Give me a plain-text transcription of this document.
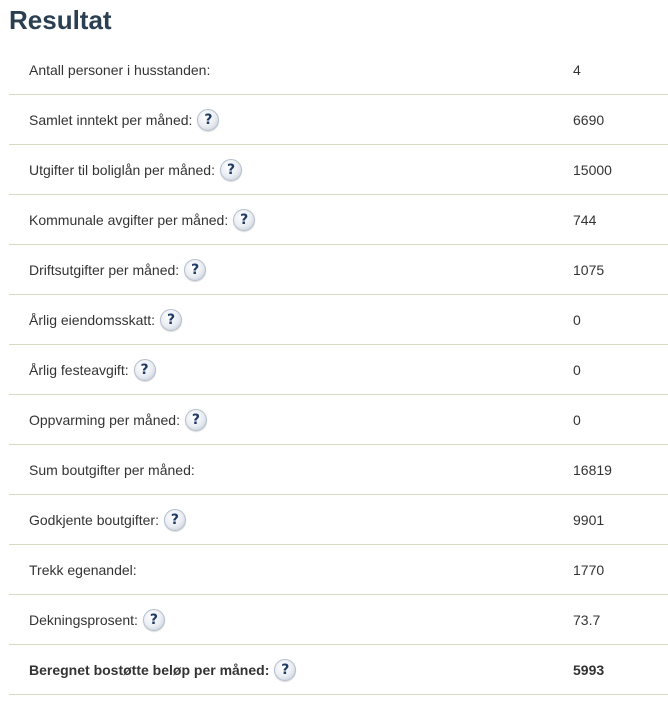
Resultat
Antall personer i husstanden:	4
Samlet inntekt per måned: ?	6690
Utgifter til boliglån per måned: ?	15000
Kommunale avgifter per måned: ?	744
Driftsutgifter per måned: ?	1075
Årlig eiendomsskatt: ?	0
Årlig festeavgift: ?	0
Oppvarming per måned: ?	0
Sum boutgifter per måned:	16819
Godkjente boutgifter: ?	9901
Trekk egenandel:	1770
Dekningsprosent: ?	73.7
Beregnet bostøtte beløp per måned: ?	5993
